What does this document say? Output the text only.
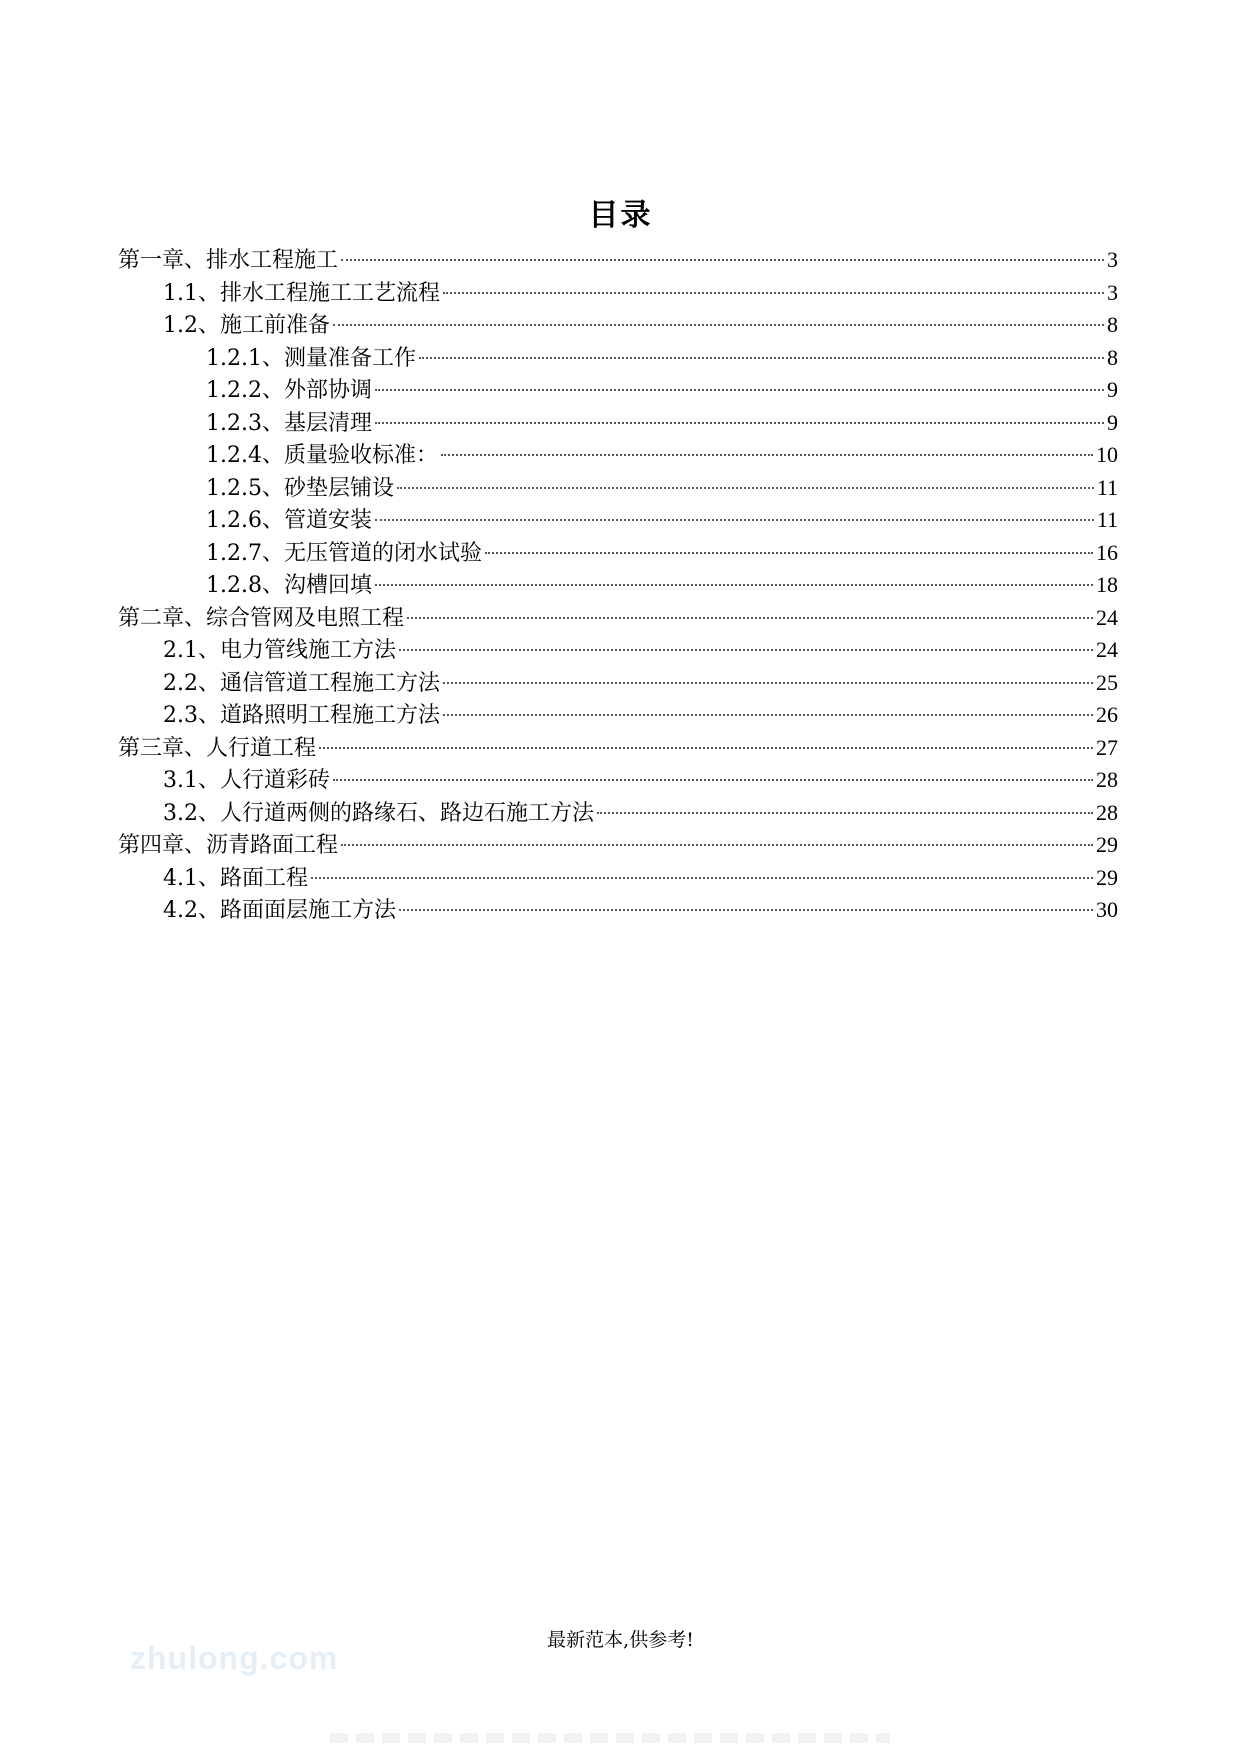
目录
第一章、排水工程施工	3
1.1、排水工程施工工艺流程	3
1.2、施工前准备	8
1.2.1、测量准备工作	8
1.2.2、外部协调	9
1.2.3、基层清理	9
1.2.4、质量验收标准：	10
1.2.5、砂垫层铺设	11
1.2.6、管道安装	11
1.2.7、无压管道的闭水试验	16
1.2.8、沟槽回填	18
第二章、综合管网及电照工程	24
2.1、电力管线施工方法	24
2.2、通信管道工程施工方法	25
2.3、道路照明工程施工方法	26
第三章、人行道工程	27
3.1、人行道彩砖	28
3.2、人行道两侧的路缘石、路边石施工方法	28
第四章、沥青路面工程	29
4.1、路面工程	29
4.2、路面面层施工方法	30
最新范本,供参考!
zhulong.com
